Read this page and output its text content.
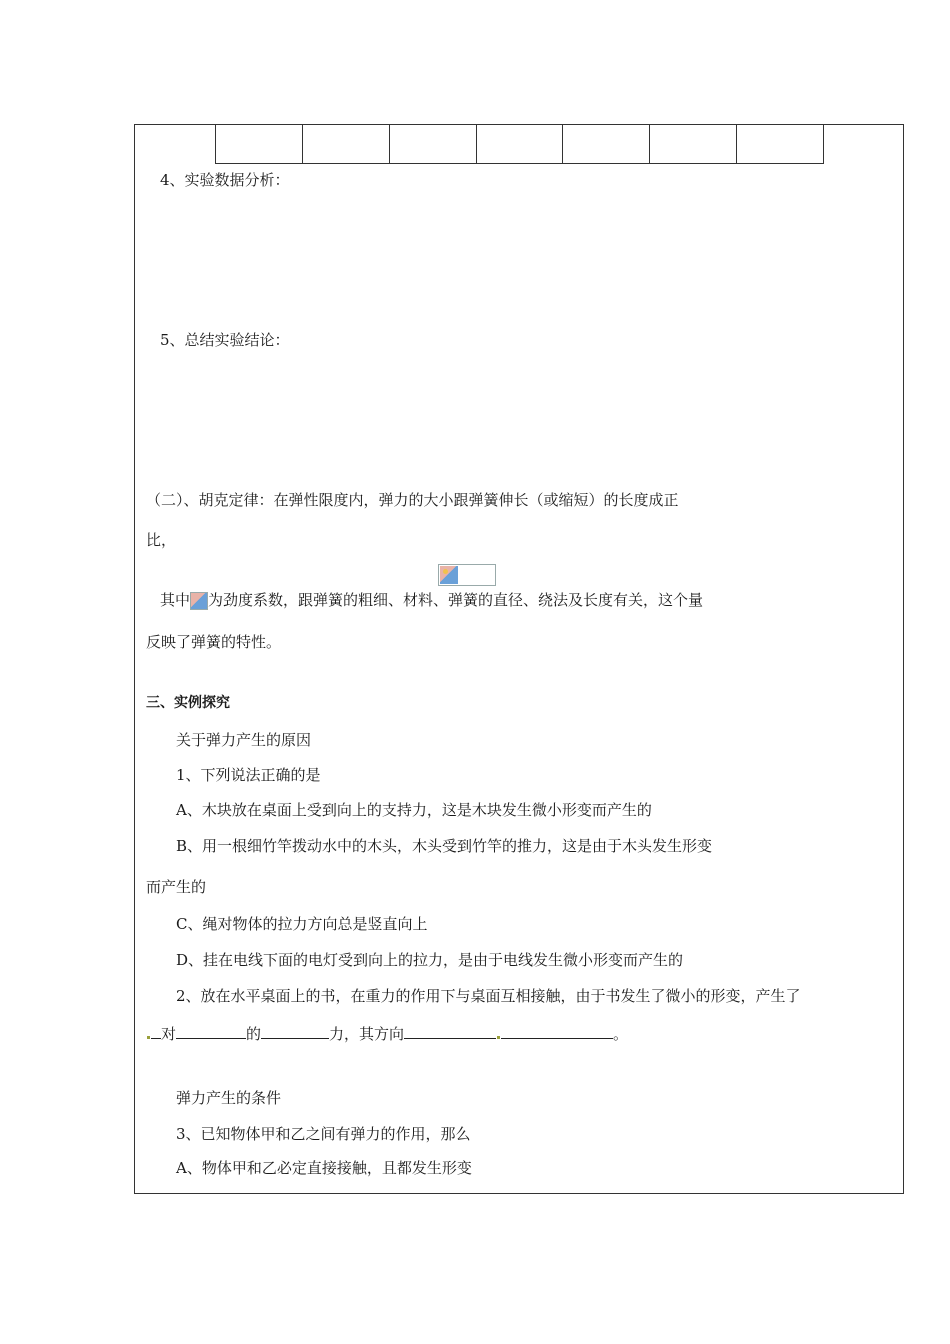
4、实验数据分析：
5、总结实验结论：
（二）、胡克定律：在弹性限度内，弹力的大小跟弹簧伸长（或缩短）的长度成正
比，
其中 为劲度系数，跟弹簧的粗细、材料、弹簧的直径、绕法及长度有关，这个量
反映了弹簧的特性。
三、实例探究
关于弹力产生的原因
1、下列说法正确的是
A、木块放在桌面上受到向上的支持力，这是木块发生微小形变而产生的
B、用一根细竹竿拨动水中的木头，木头受到竹竿的推力，这是由于木头发生形变
而产生的
C、绳对物体的拉力方向总是竖直向上
D、挂在电线下面的电灯受到向上的拉力，是由于电线发生微小形变而产生的
2、放在水平桌面上的书，在重力的作用下与桌面互相接触，由于书发生了微小的形变，产生了
对	的	力，其方向	。
弹力产生的条件
3、已知物体甲和乙之间有弹力的作用，那么
A、物体甲和乙必定直接接触，且都发生形变
